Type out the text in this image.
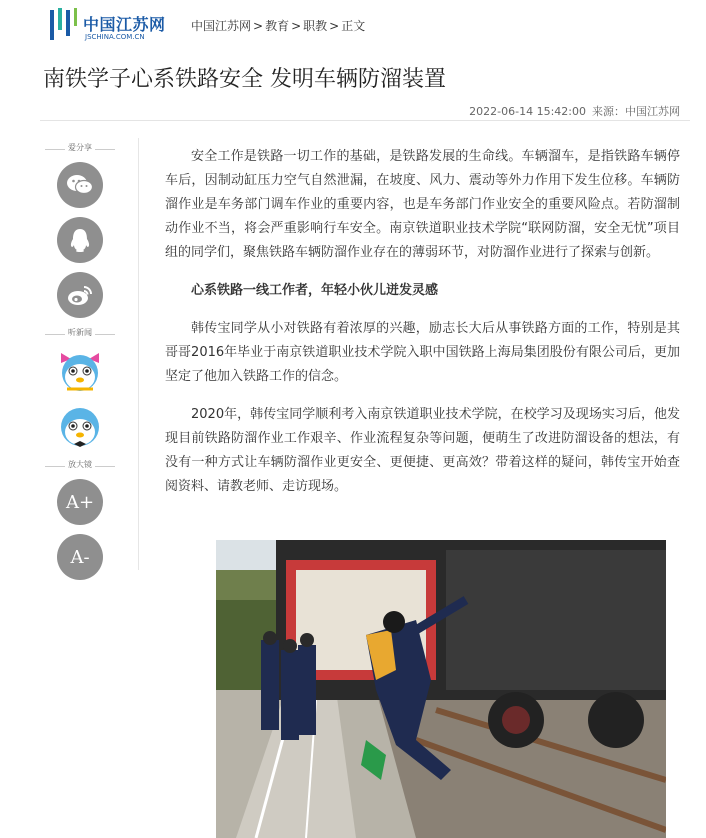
中国江苏网
JSCHINA.COM.CN
中国江苏网 > 教育 > 职教 > 正文
南铁学子心系铁路安全 发明车辆防溜装置
2022-06-14 15:42:00 来源：中国江苏网
爱分享
听新闻
放大镜
A+
A-

安全工作是铁路一切工作的基础，是铁路发展的生命线。车辆溜车，是指铁路车辆停车后，因制动缸压力空气自然泄漏，在坡度、风力、震动等外力作用下发生位移。车辆防溜作业是车务部门调车作业的重要内容，也是车务部门作业安全的重要风险点。若防溜制动作业不当，将会严重影响行车安全。南京铁道职业技术学院“联网防溜，安全无忧”项目组的同学们，聚焦铁路车辆防溜作业存在的薄弱环节，对防溜作业进行了探索与创新。

心系铁路一线工作者，年轻小伙儿迸发灵感

韩传宝同学从小对铁路有着浓厚的兴趣，励志长大后从事铁路方面的工作，特别是其哥哥2016年毕业于南京铁道职业技术学院入职中国铁路上海局集团股份有限公司后，更加坚定了他加入铁路工作的信念。

2020年，韩传宝同学顺利考入南京铁道职业技术学院，在校学习及现场实习后，他发现目前铁路防溜作业工作艰辛、作业流程复杂等问题，便萌生了改进防溜设备的想法，有没有一种方式让车辆防溜作业更安全、更便捷、更高效？带着这样的疑问，韩传宝开始查阅资料、请教老师、走访现场。
